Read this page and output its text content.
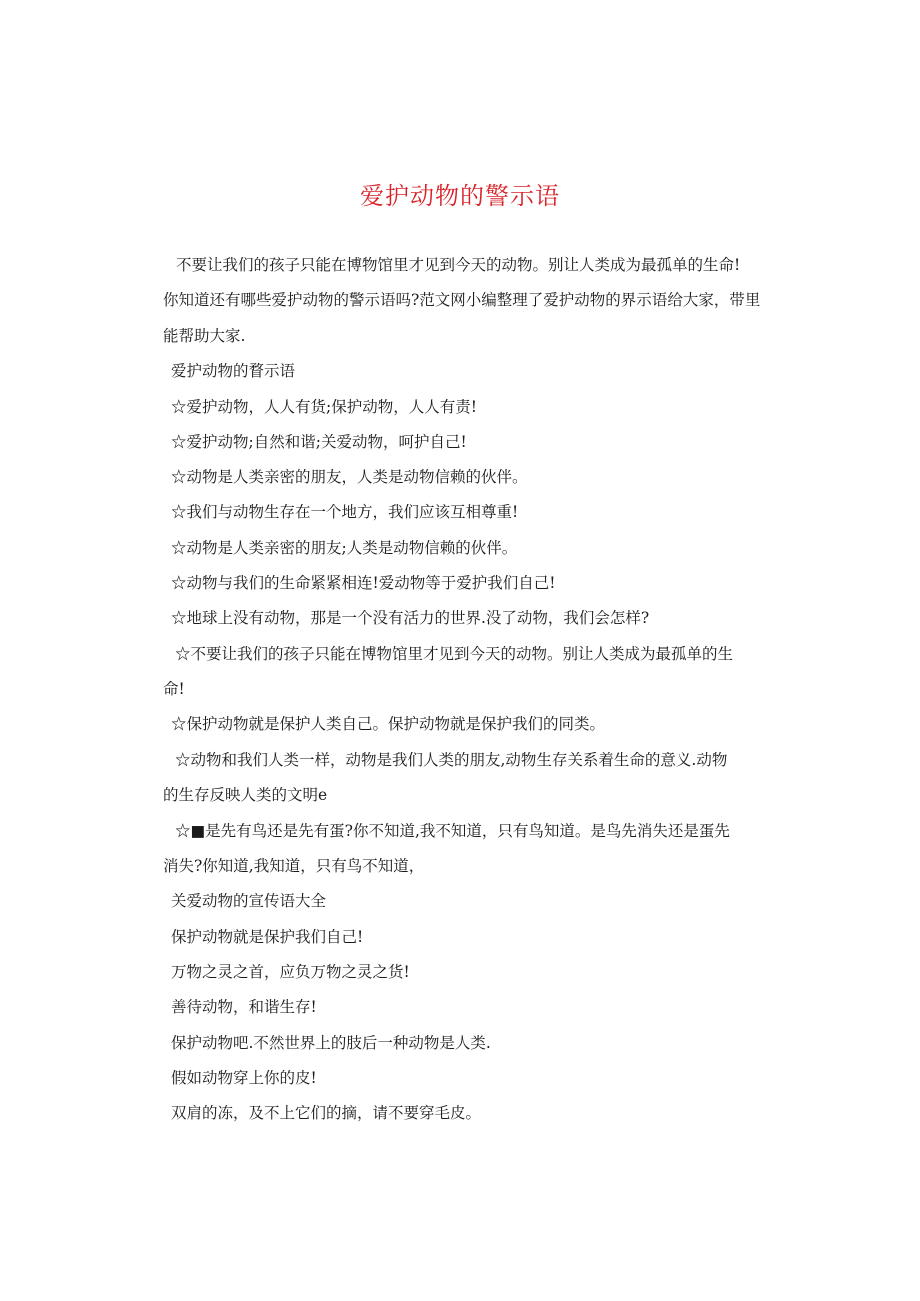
爱护动物的警示语
不要让我们的孩子只能在博物馆里才见到今天的动物。别让人类成为最孤单的生命!
你知道还有哪些爱护动物的警示语吗?范文网小编整理了爱护动物的界示语给大家，带里
能帮助大家.
爱护动物的瞀示语
☆爱护动物，人人有货;保护动物，人人有责!
☆爱护动物;自然和谐;关爱动物，呵护自己!
☆动物是人类亲密的朋友，人类是动物信赖的伙伴。
☆我们与动物生存在一个地方，我们应该互相尊重!
☆动物是人类亲密的朋友;人类是动物信赖的伙伴。
☆动物与我们的生命紧紧相连!爱动物等于爱护我们自己!
☆地球上没有动物，那是一个没有活力的世界.没了动物，我们会怎样?
☆不要让我们的孩子只能在博物馆里才见到今天的动物。别让人类成为最孤单的生
命!
☆保护动物就是保护人类自己。保护动物就是保护我们的同类。
☆动物和我们人类一样，动物是我们人类的朋友,动物生存关系着生命的意义.动物
的生存反映人类的文明e
☆■是先有鸟还是先有蛋?你不知道,我不知道，只有鸟知道。是鸟先消失还是蛋先
消失?你知道,我知道，只有鸟不知道，
关爱动物的宣传语大全
保护动物就是保护我们自己!
万物之灵之首，应负万物之灵之货!
善待动物，和谐生存!
保护动物吧.不然世界上的肢后一种动物是人类.
假如动物穿上你的皮!
双肩的冻，及不上它们的摘，请不要穿毛皮。
